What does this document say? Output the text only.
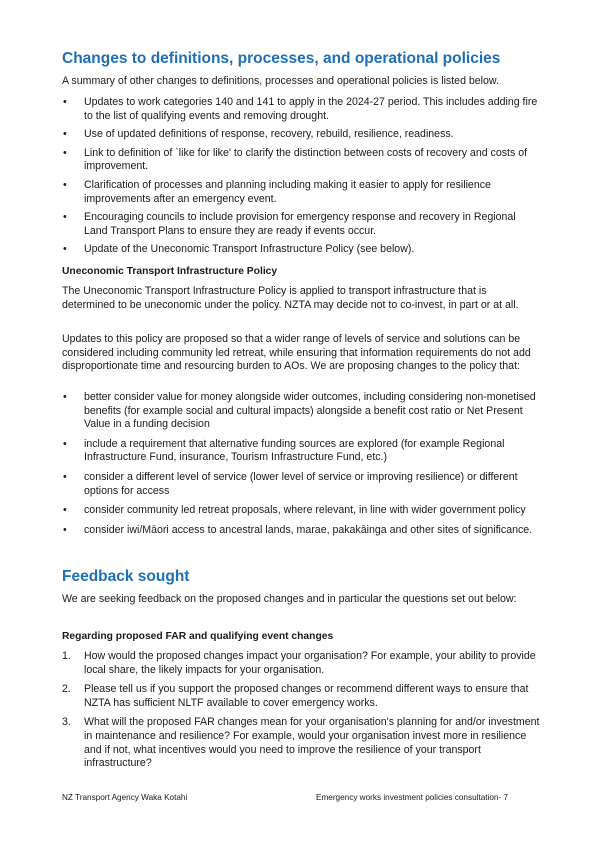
Changes to definitions, processes, and operational policies

A summary of other changes to definitions, processes and operational policies is listed below.

• Updates to work categories 140 and 141 to apply in the 2024-27 period. This includes adding fire to the list of qualifying events and removing drought.
• Use of updated definitions of response, recovery, rebuild, resilience, readiness.
• Link to definition of `like for like' to clarify the distinction between costs of recovery and costs of improvement.
• Clarification of processes and planning including making it easier to apply for resilience improvements after an emergency event.
• Encouraging councils to include provision for emergency response and recovery in Regional Land Transport Plans to ensure they are ready if events occur.
• Update of the Uneconomic Transport Infrastructure Policy (see below).
Uneconomic Transport Infrastructure Policy

The Uneconomic Transport Infrastructure Policy is applied to transport infrastructure that is determined to be uneconomic under the policy. NZTA may decide not to co-invest, in part or at all.

Updates to this policy are proposed so that a wider range of levels of service and solutions can be considered including community led retreat, while ensuring that information requirements do not add disproportionate time and resourcing burden to AOs. We are proposing changes to the policy that:

• better consider value for money alongside wider outcomes, including considering non-monetised benefits (for example social and cultural impacts) alongside a benefit cost ratio or Net Present Value in a funding decision
• include a requirement that alternative funding sources are explored (for example Regional Infrastructure Fund, insurance, Tourism Infrastructure Fund, etc.)
• consider a different level of service (lower level of service or improving resilience) or different options for access
• consider community led retreat proposals, where relevant, in line with wider government policy
• consider iwi/Māori access to ancestral lands, marae, pakakāinga and other sites of significance.
Feedback sought

We are seeking feedback on the proposed changes and in particular the questions set out below:

Regarding proposed FAR and qualifying event changes
1. How would the proposed changes impact your organisation? For example, your ability to provide local share, the likely impacts for your organisation.
2. Please tell us if you support the proposed changes or recommend different ways to ensure that NZTA has sufficient NLTF available to cover emergency works.
3. What will the proposed FAR changes mean for your organisation's planning for and/or investment in maintenance and resilience? For example, would your organisation invest more in resilience and if not, what incentives would you need to improve the resilience of your transport infrastructure?
NZ Transport Agency Waka Kotahi	Emergency works investment policies consultation- 7
